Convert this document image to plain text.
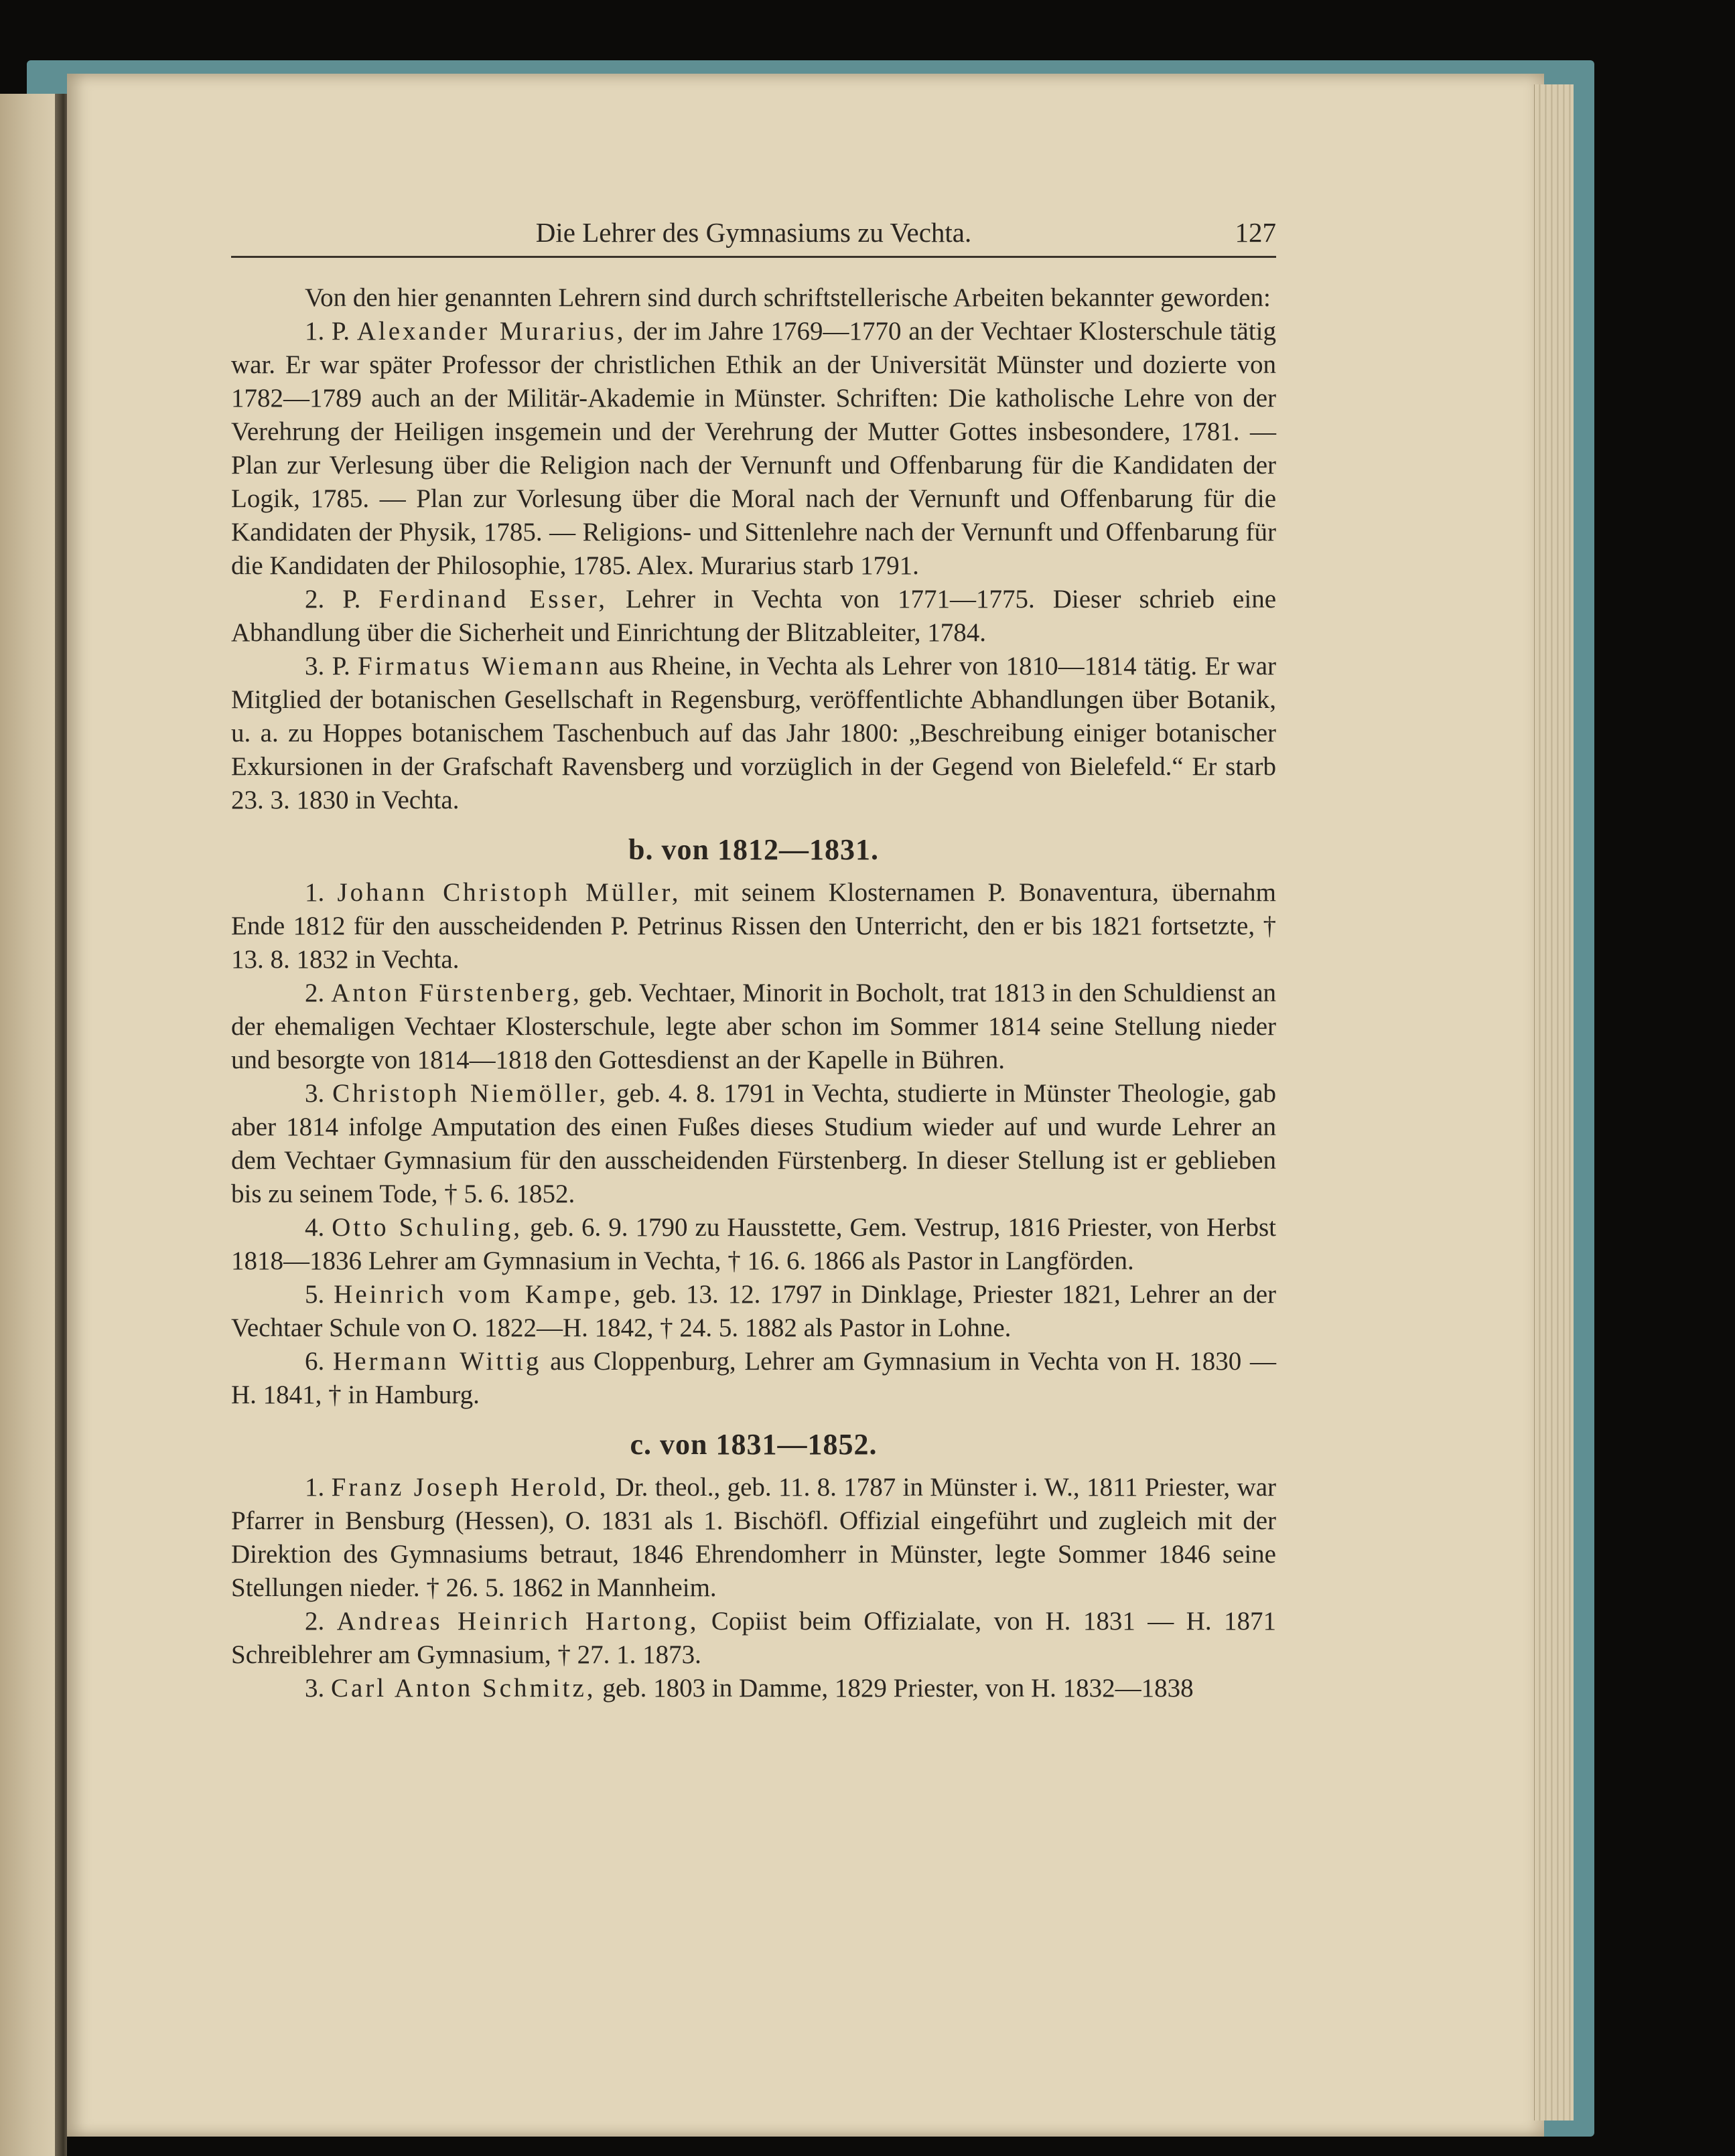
Die Lehrer des Gymnasiums zu Vechta.	127

Von den hier genannten Lehrern sind durch schriftstellerische Arbeiten bekannter geworden:

1. P. Alexander Murarius, der im Jahre 1769—1770 an der Vechtaer Klosterschule tätig war. Er war später Professor der christlichen Ethik an der Universität Münster und dozierte von 1782—1789 auch an der Militär-Akademie in Münster. Schriften: Die katholische Lehre von der Verehrung der Heiligen insgemein und der Verehrung der Mutter Gottes insbesondere, 1781. — Plan zur Verlesung über die Religion nach der Vernunft und Offenbarung für die Kandidaten der Logik, 1785. — Plan zur Vorlesung über die Moral nach der Vernunft und Offenbarung für die Kandidaten der Physik, 1785. — Religions- und Sittenlehre nach der Vernunft und Offenbarung für die Kandidaten der Philosophie, 1785. Alex. Murarius starb 1791.

2. P. Ferdinand Esser, Lehrer in Vechta von 1771—1775. Dieser schrieb eine Abhandlung über die Sicherheit und Einrichtung der Blitzableiter, 1784.

3. P. Firmatus Wiemann aus Rheine, in Vechta als Lehrer von 1810—1814 tätig. Er war Mitglied der botanischen Gesellschaft in Regensburg, veröffentlichte Abhandlungen über Botanik, u. a. zu Hoppes botanischem Taschenbuch auf das Jahr 1800: „Beschreibung einiger botanischer Exkursionen in der Grafschaft Ravensberg und vorzüglich in der Gegend von Bielefeld.“ Er starb 23. 3. 1830 in Vechta.

b. von 1812—1831.

1. Johann Christoph Müller, mit seinem Klosternamen P. Bonaventura, übernahm Ende 1812 für den ausscheidenden P. Petrinus Rissen den Unterricht, den er bis 1821 fortsetzte, † 13. 8. 1832 in Vechta.

2. Anton Fürstenberg, geb. Vechtaer, Minorit in Bocholt, trat 1813 in den Schuldienst an der ehemaligen Vechtaer Klosterschule, legte aber schon im Sommer 1814 seine Stellung nieder und besorgte von 1814—1818 den Gottesdienst an der Kapelle in Bühren.

3. Christoph Niemöller, geb. 4. 8. 1791 in Vechta, studierte in Münster Theologie, gab aber 1814 infolge Amputation des einen Fußes dieses Studium wieder auf und wurde Lehrer an dem Vechtaer Gymnasium für den ausscheidenden Fürstenberg. In dieser Stellung ist er geblieben bis zu seinem Tode, † 5. 6. 1852.

4. Otto Schuling, geb. 6. 9. 1790 zu Hausstette, Gem. Vestrup, 1816 Priester, von Herbst 1818—1836 Lehrer am Gymnasium in Vechta, † 16. 6. 1866 als Pastor in Langförden.

5. Heinrich vom Kampe, geb. 13. 12. 1797 in Dinklage, Priester 1821, Lehrer an der Vechtaer Schule von O. 1822—H. 1842, † 24. 5. 1882 als Pastor in Lohne.

6. Hermann Wittig aus Cloppenburg, Lehrer am Gymnasium in Vechta von H. 1830 — H. 1841, † in Hamburg.

c. von 1831—1852.

1. Franz Joseph Herold, Dr. theol., geb. 11. 8. 1787 in Münster i. W., 1811 Priester, war Pfarrer in Bensburg (Hessen), O. 1831 als 1. Bischöfl. Offizial eingeführt und zugleich mit der Direktion des Gymnasiums betraut, 1846 Ehrendomherr in Münster, legte Sommer 1846 seine Stellungen nieder. † 26. 5. 1862 in Mannheim.

2. Andreas Heinrich Hartong, Copiist beim Offizialate, von H. 1831 — H. 1871 Schreiblehrer am Gymnasium, † 27. 1. 1873.

3. Carl Anton Schmitz, geb. 1803 in Damme, 1829 Priester, von H. 1832—1838
